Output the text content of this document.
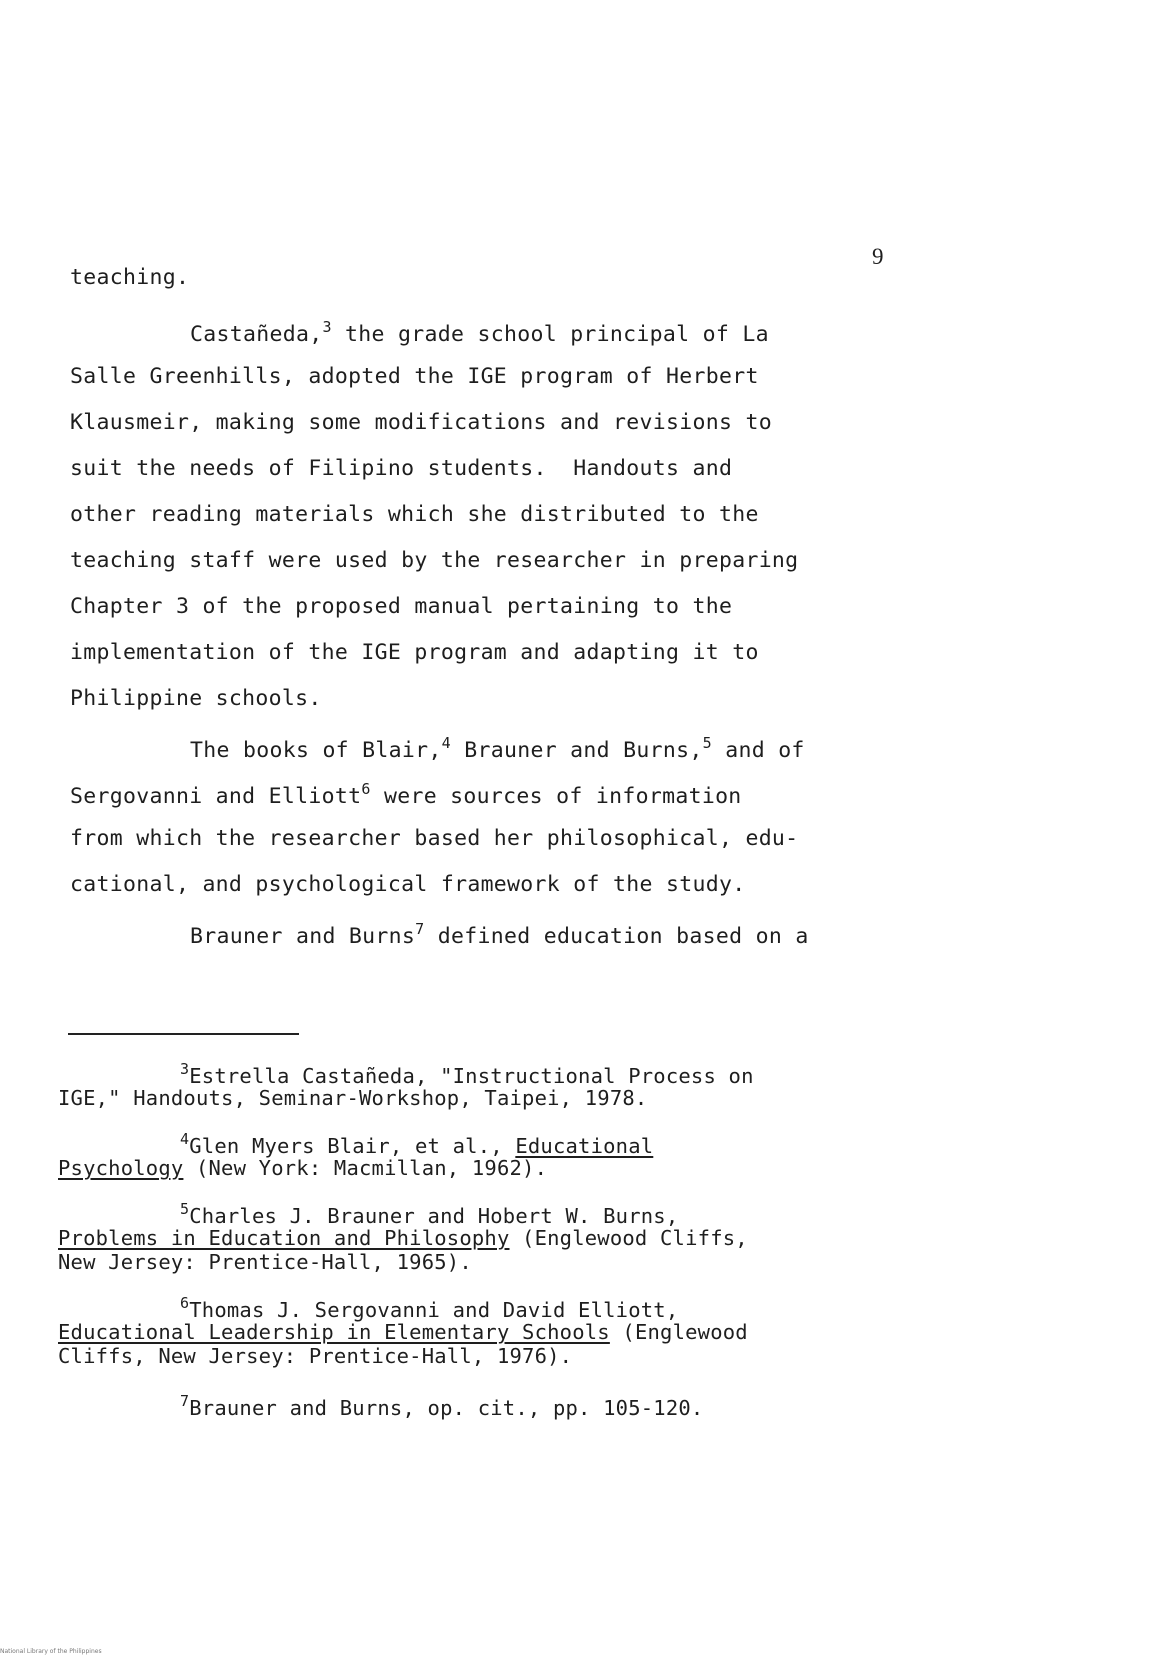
9
teaching.
Castañeda,$^3$ the grade school principal of La
Salle Greenhills, adopted the IGE program of Herbert
Klausmeir, making some modifications and revisions to
suit the needs of Filipino students.  Handouts and
other reading materials which she distributed to the
teaching staff were used by the researcher in preparing
Chapter 3 of the proposed manual pertaining to the
implementation of the IGE program and adapting it to
Philippine schools.
The books of Blair,$^4$ Brauner and Burns,$^5$ and of
Sergovanni and Elliott$^6$ were sources of information
from which the researcher based her philosophical, edu-
cational, and psychological framework of the study.
Brauner and Burns$^7$ defined education based on a
$^3$Estrella Castañeda, "Instructional Process on
IGE," Handouts, Seminar-Workshop, Taipei, 1978.
$^4$Glen Myers Blair, et al., Educational
Psychology (New York: Macmillan, 1962).
$^5$Charles J. Brauner and Hobert W. Burns,
Problems in Education and Philosophy (Englewood Cliffs,
New Jersey: Prentice-Hall, 1965).
$^6$Thomas J. Sergovanni and David Elliott,
Educational Leadership in Elementary Schools (Englewood
Cliffs, New Jersey: Prentice-Hall, 1976).
$^7$Brauner and Burns, op. cit., pp. 105-120.
National Library of the Philippines
